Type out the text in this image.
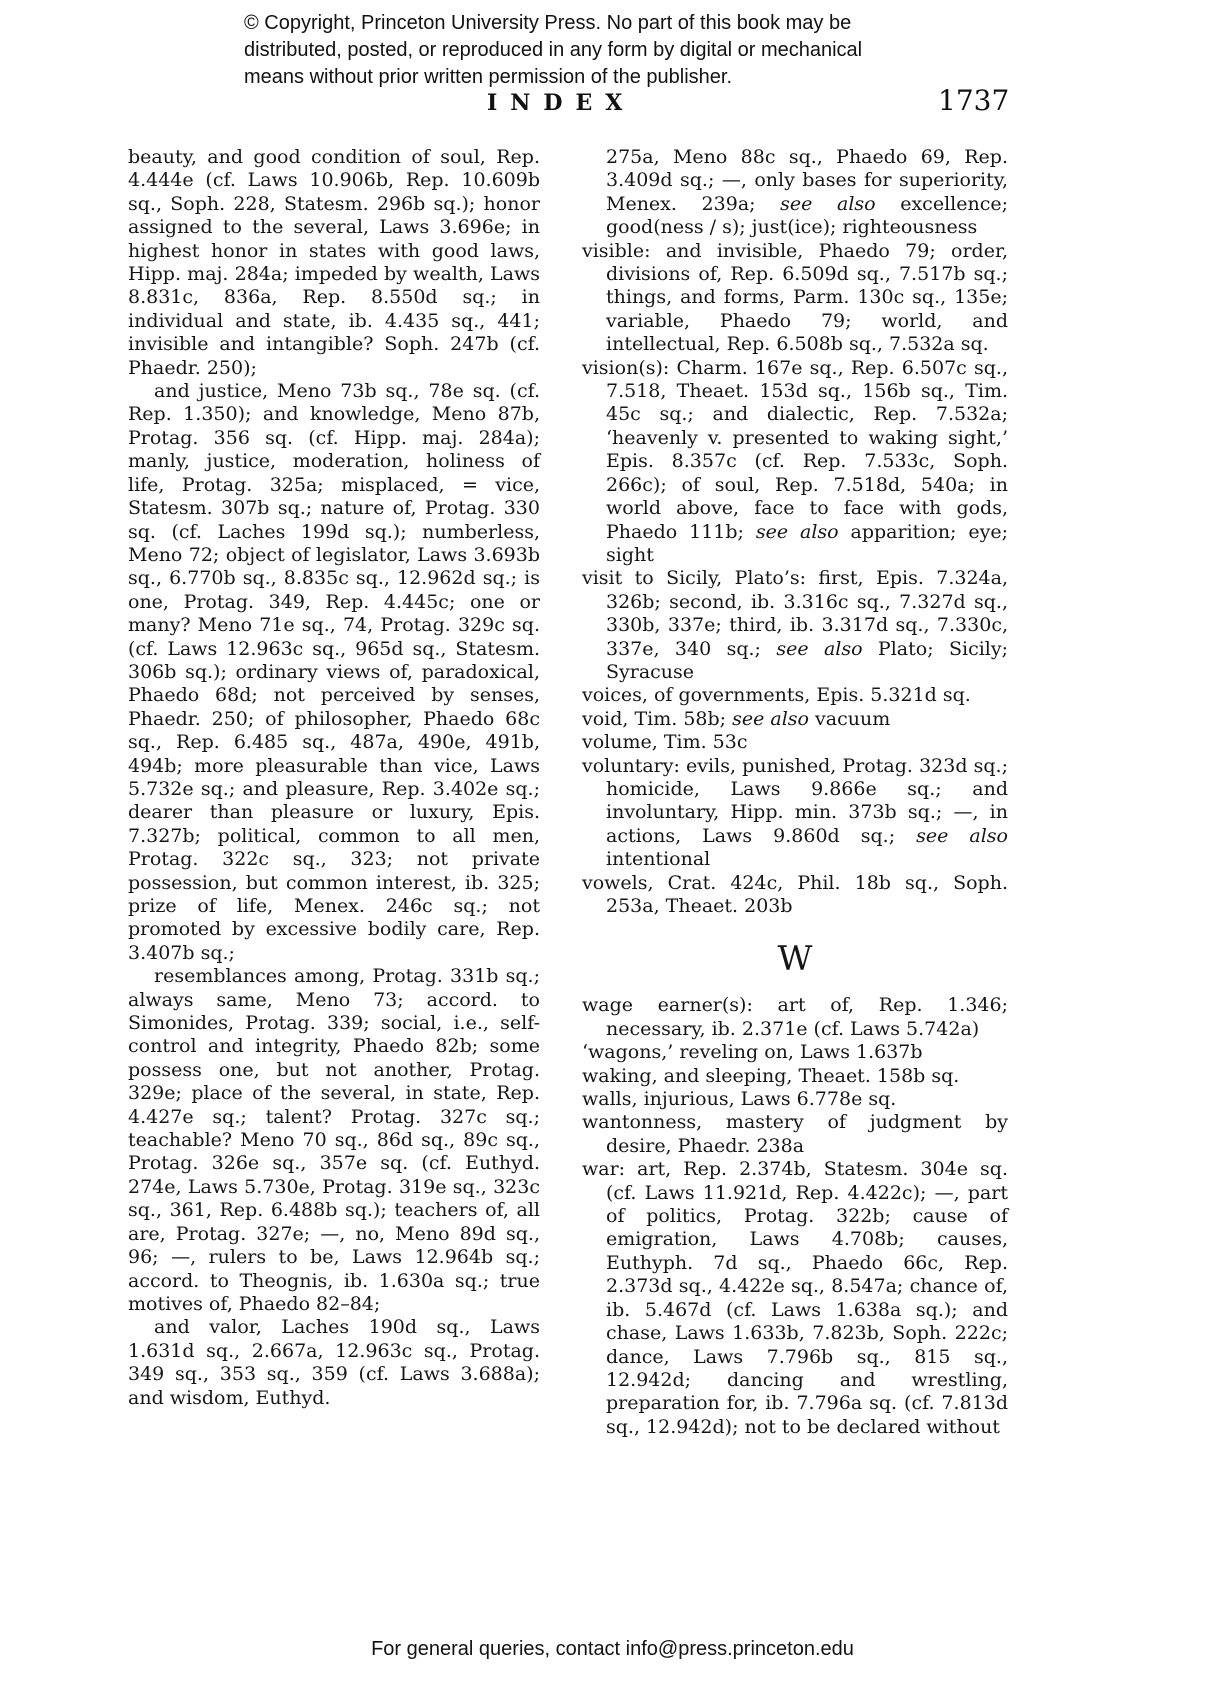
© Copyright, Princeton University Press. No part of this book may be
distributed, posted, or reproduced in any form by digital or mechanical
means without prior written permission of the publisher.
INDEX	1737

beauty, and good condition of soul, Rep. 4.444e (cf. Laws 10.906b, Rep. 10.609b sq., Soph. 228, Statesm. 296b sq.); honor assigned to the several, Laws 3.696e; in highest honor in states with good laws, Hipp. maj. 284a; impeded by wealth, Laws 8.831c, 836a, Rep. 8.550d sq.; in individual and state, ib. 4.435 sq., 441; invisible and intangible? Soph. 247b (cf. Phaedr. 250);

and justice, Meno 73b sq., 78e sq. (cf. Rep. 1.350); and knowledge, Meno 87b, Protag. 356 sq. (cf. Hipp. maj. 284a); manly, justice, moderation, holiness of life, Protag. 325a; misplaced, = vice, Statesm. 307b sq.; nature of, Protag. 330 sq. (cf. Laches 199d sq.); numberless, Meno 72; object of legislator, Laws 3.693b sq., 6.770b sq., 8.835c sq., 12.962d sq.; is one, Protag. 349, Rep. 4.445c; one or many? Meno 71e sq., 74, Protag. 329c sq. (cf. Laws 12.963c sq., 965d sq., Statesm. 306b sq.); ordinary views of, paradoxical, Phaedo 68d; not perceived by senses, Phaedr. 250; of philosopher, Phaedo 68c sq., Rep. 6.485 sq., 487a, 490e, 491b, 494b; more pleasurable than vice, Laws 5.732e sq.; and pleasure, Rep. 3.402e sq.; dearer than pleasure or luxury, Epis. 7.327b; political, common to all men, Protag. 322c sq., 323; not private possession, but common interest, ib. 325; prize of life, Menex. 246c sq.; not promoted by excessive bodily care, Rep. 3.407b sq.;

resemblances among, Protag. 331b sq.; always same, Meno 73; accord. to Simonides, Protag. 339; social, i.e., self-control and integrity, Phaedo 82b; some possess one, but not another, Protag. 329e; place of the several, in state, Rep. 4.427e sq.; talent? Protag. 327c sq.; teachable? Meno 70 sq., 86d sq., 89c sq., Protag. 326e sq., 357e sq. (cf. Euthyd. 274e, Laws 5.730e, Protag. 319e sq., 323c sq., 361, Rep. 6.488b sq.); teachers of, all are, Protag. 327e; —, no, Meno 89d sq., 96; —, rulers to be, Laws 12.964b sq.; accord. to Theognis, ib. 1.630a sq.; true motives of, Phaedo 82–84;

and valor, Laches 190d sq., Laws 1.631d sq., 2.667a, 12.963c sq., Protag. 349 sq., 353 sq., 359 (cf. Laws 3.688a); and wisdom, Euthyd.

275a, Meno 88c sq., Phaedo 69, Rep. 3.409d sq.; —, only bases for superiority, Menex. 239a; see also excellence; good(ness / s); just(ice); righteousness

visible: and invisible, Phaedo 79; order, divisions of, Rep. 6.509d sq., 7.517b sq.; things, and forms, Parm. 130c sq., 135e; variable, Phaedo 79; world, and intellectual, Rep. 6.508b sq., 7.532a sq.

vision(s): Charm. 167e sq., Rep. 6.507c sq., 7.518, Theaet. 153d sq., 156b sq., Tim. 45c sq.; and dialectic, Rep. 7.532a; ‘heavenly v. presented to waking sight,’ Epis. 8.357c (cf. Rep. 7.533c, Soph. 266c); of soul, Rep. 7.518d, 540a; in world above, face to face with gods, Phaedo 111b; see also apparition; eye; sight

visit to Sicily, Plato’s: first, Epis. 7.324a, 326b; second, ib. 3.316c sq., 7.327d sq., 330b, 337e; third, ib. 3.317d sq., 7.330c, 337e, 340 sq.; see also Plato; Sicily; Syracuse

voices, of governments, Epis. 5.321d sq.

void, Tim. 58b; see also vacuum

volume, Tim. 53c

voluntary: evils, punished, Protag. 323d sq.; homicide, Laws 9.866e sq.; and involuntary, Hipp. min. 373b sq.; —, in actions, Laws 9.860d sq.; see also intentional

vowels, Crat. 424c, Phil. 18b sq., Soph. 253a, Theaet. 203b

W

wage earner(s): art of, Rep. 1.346; necessary, ib. 2.371e (cf. Laws 5.742a)

‘wagons,’ reveling on, Laws 1.637b

waking, and sleeping, Theaet. 158b sq.

walls, injurious, Laws 6.778e sq.

wantonness, mastery of judgment by desire, Phaedr. 238a

war: art, Rep. 2.374b, Statesm. 304e sq. (cf. Laws 11.921d, Rep. 4.422c); —, part of politics, Protag. 322b; cause of emigration, Laws 4.708b; causes, Euthyph. 7d sq., Phaedo 66c, Rep. 2.373d sq., 4.422e sq., 8.547a; chance of, ib. 5.467d (cf. Laws 1.638a sq.); and chase, Laws 1.633b, 7.823b, Soph. 222c; dance, Laws 7.796b sq., 815 sq., 12.942d; dancing and wrestling, preparation for, ib. 7.796a sq. (cf. 7.813d sq., 12.942d); not to be declared without

For general queries, contact info@press.princeton.edu
